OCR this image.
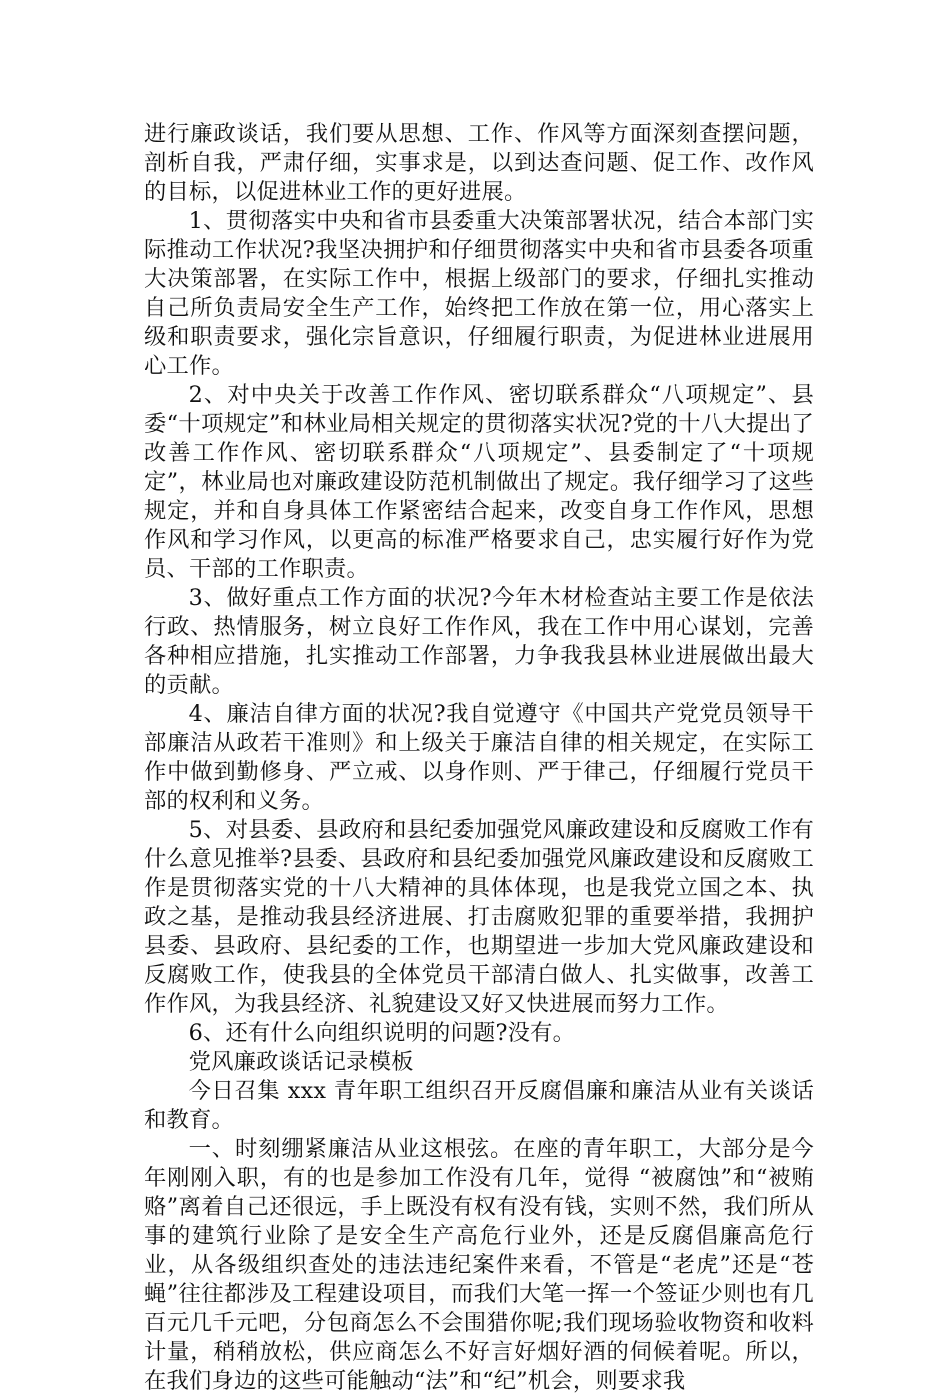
进行廉政谈话，我们要从思想、工作、作风等方面深刻查摆问题，剖析自我，严肃仔细，实事求是，以到达查问题、促工作、改作风的目标，以促进林业工作的更好进展。

1、贯彻落实中央和省市县委重大决策部署状况，结合本部门实际推动工作状况?我坚决拥护和仔细贯彻落实中央和省市县委各项重大决策部署，在实际工作中，根据上级部门的要求，仔细扎实推动自己所负责局安全生产工作，始终把工作放在第一位，用心落实上级和职责要求，强化宗旨意识，仔细履行职责，为促进林业进展用心工作。

2、对中央关于改善工作作风、密切联系群众“八项规定”、县委“十项规定”和林业局相关规定的贯彻落实状况?党的十八大提出了改善工作作风、密切联系群众“八项规定”、县委制定了“十项规定”，林业局也对廉政建设防范机制做出了规定。我仔细学习了这些规定，并和自身具体工作紧密结合起来，改变自身工作作风，思想作风和学习作风，以更高的标准严格要求自己，忠实履行好作为党员、干部的工作职责。

3、做好重点工作方面的状况?今年木材检查站主要工作是依法行政、热情服务，树立良好工作作风，我在工作中用心谋划，完善各种相应措施，扎实推动工作部署，力争我我县林业进展做出最大的贡献。

4、廉洁自律方面的状况?我自觉遵守《中国共产党党员领导干部廉洁从政若干准则》和上级关于廉洁自律的相关规定，在实际工作中做到勤修身、严立戒、以身作则、严于律己，仔细履行党员干部的权利和义务。

5、对县委、县政府和县纪委加强党风廉政建设和反腐败工作有什么意见推举?县委、县政府和县纪委加强党风廉政建设和反腐败工作是贯彻落实党的十八大精神的具体体现，也是我党立国之本、执政之基，是推动我县经济进展、打击腐败犯罪的重要举措，我拥护县委、县政府、县纪委的工作，也期望进一步加大党风廉政建设和反腐败工作，使我县的全体党员干部清白做人、扎实做事，改善工作作风，为我县经济、礼貌建设又好又快进展而努力工作。

6、还有什么向组织说明的问题?没有。

党风廉政谈话记录模板

今日召集 xxx 青年职工组织召开反腐倡廉和廉洁从业有关谈话和教育。

一、时刻绷紧廉洁从业这根弦。在座的青年职工，大部分是今年刚刚入职，有的也是参加工作没有几年，觉得 “被腐蚀”和“被贿赂”离着自己还很远，手上既没有权有没有钱，实则不然，我们所从事的建筑行业除了是安全生产高危行业外，还是反腐倡廉高危行业，从各级组织查处的违法违纪案件来看，不管是“老虎”还是“苍蝇”往往都涉及工程建设项目，而我们大笔一挥一个签证少则也有几百元几千元吧，分包商怎么不会围猎你呢;我们现场验收物资和收料计量，稍稍放松，供应商怎么不好言好烟好酒的伺候着呢。所以，在我们身边的这些可能触动“法”和“纪”机会，则要求我
